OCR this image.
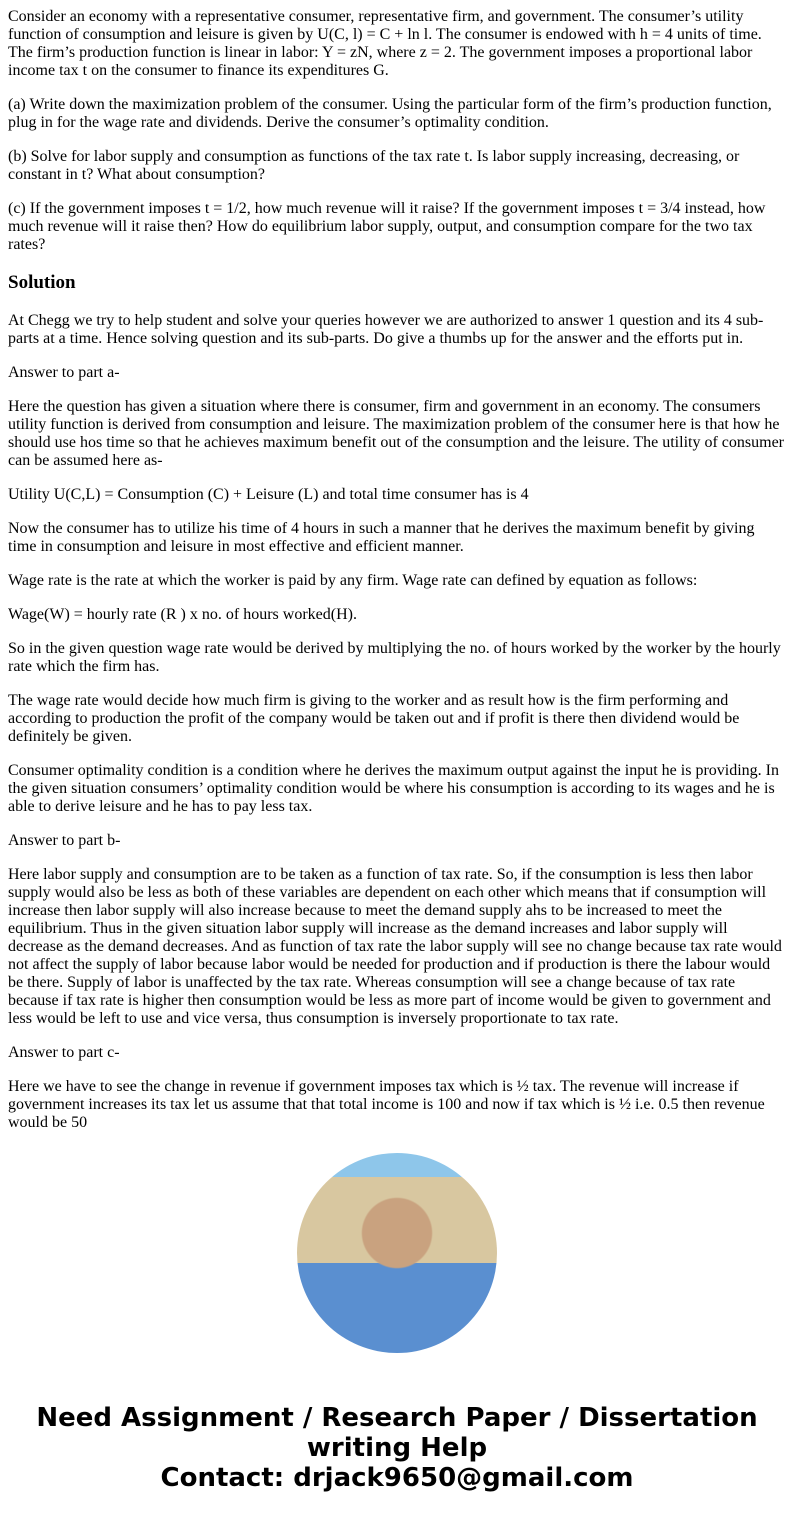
Consider an economy with a representative consumer, representative firm, and government. The consumer’s utility function of consumption and leisure is given by U(C, l) = C + ln l. The consumer is endowed with h = 4 units of time. The firm’s production function is linear in labor: Y = zN, where z = 2. The government imposes a proportional labor income tax t on the consumer to finance its expenditures G.

(a) Write down the maximization problem of the consumer. Using the particular form of the firm’s production function, plug in for the wage rate and dividends. Derive the consumer’s optimality condition.

(b) Solve for labor supply and consumption as functions of the tax rate t. Is labor supply increasing, decreasing, or constant in t? What about consumption?

(c) If the government imposes t = 1/2, how much revenue will it raise? If the government imposes t = 3/4 instead, how much revenue will it raise then? How do equilibrium labor supply, output, and consumption compare for the two tax rates?

Solution

At Chegg we try to help student and solve your queries however we are authorized to answer 1 question and its 4 sub-parts at a time. Hence solving question and its sub-parts. Do give a thumbs up for the answer and the efforts put in.

Answer to part a-

Here the question has given a situation where there is consumer, firm and government in an economy. The consumers utility function is derived from consumption and leisure. The maximization problem of the consumer here is that how he should use hos time so that he achieves maximum benefit out of the consumption and the leisure. The utility of consumer can be assumed here as-

Utility U(C,L) = Consumption (C) + Leisure (L) and total time consumer has is 4

Now the consumer has to utilize his time of 4 hours in such a manner that he derives the maximum benefit by giving time in consumption and leisure in most effective and efficient manner.

Wage rate is the rate at which the worker is paid by any firm. Wage rate can defined by equation as follows:

Wage(W) = hourly rate (R ) x no. of hours worked(H).

So in the given question wage rate would be derived by multiplying the no. of hours worked by the worker by the hourly rate which the firm has.

The wage rate would decide how much firm is giving to the worker and as result how is the firm performing and according to production the profit of the company would be taken out and if profit is there then dividend would be definitely be given.

Consumer optimality condition is a condition where he derives the maximum output against the input he is providing. In the given situation consumers’ optimality condition would be where his consumption is according to its wages and he is able to derive leisure and he has to pay less tax.

Answer to part b-

Here labor supply and consumption are to be taken as a function of tax rate. So, if the consumption is less then labor supply would also be less as both of these variables are dependent on each other which means that if consumption will increase then labor supply will also increase because to meet the demand supply ahs to be increased to meet the equilibrium. Thus in the given situation labor supply will increase as the demand increases and labor supply will decrease as the demand decreases. And as function of tax rate the labor supply will see no change because tax rate would not affect the supply of labor because labor would be needed for production and if production is there the labour would be there. Supply of labor is unaffected by the tax rate. Whereas consumption will see a change because of tax rate because if tax rate is higher then consumption would be less as more part of income would be given to government and less would be left to use and vice versa, thus consumption is inversely proportionate to tax rate.

Answer to part c-

Here we have to see the change in revenue if government imposes tax which is ½ tax. The revenue will increase if government increases its tax let us assume that that total income is 100 and now if tax which is ½ i.e. 0.5 then revenue would be 50

Need Assignment / Research Paper / Dissertation writing Help
Contact: drjack9650@gmail.com
